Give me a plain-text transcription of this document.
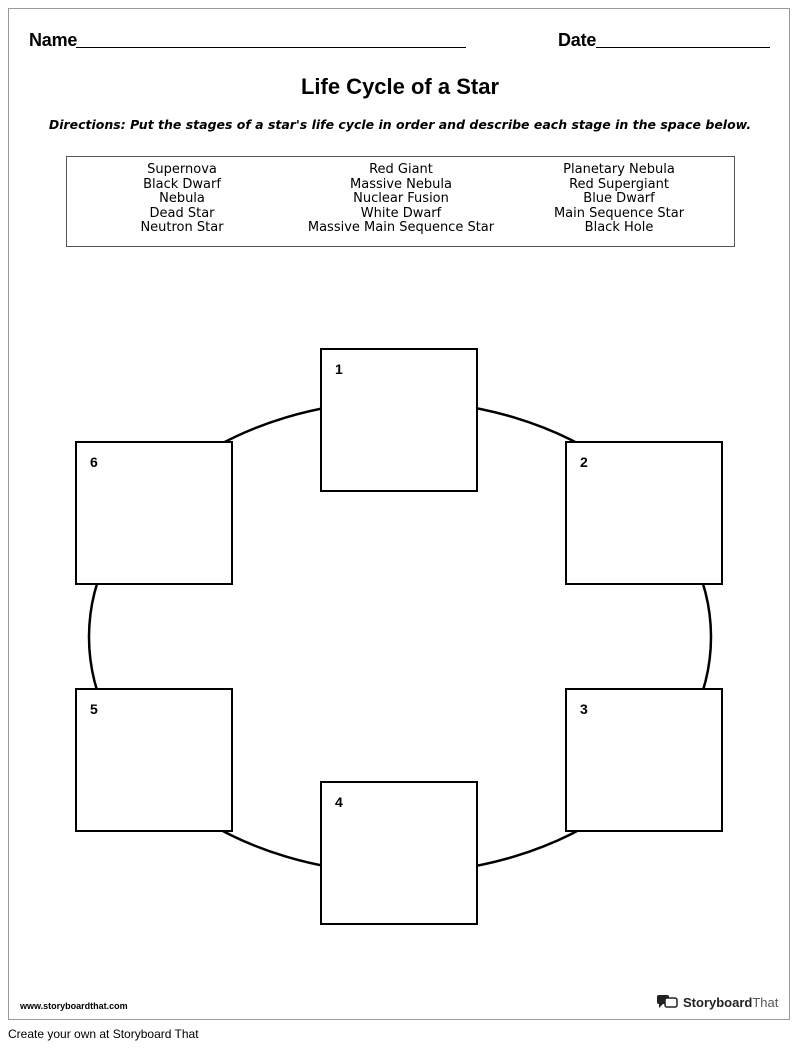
Name	Date
Life Cycle of a Star
Directions: Put the stages of a star's life cycle in order and describe each stage in the space below.
Supernova
Black Dwarf
Nebula
Dead Star
Neutron Star
Red Giant
Massive Nebula
Nuclear Fusion
White Dwarf
Massive Main Sequence Star
Planetary Nebula
Red Supergiant
Blue Dwarf
Main Sequence Star
Black Hole
1
2
3
4
5
6
www.storyboardthat.com	StoryboardThat
Create your own at Storyboard That
